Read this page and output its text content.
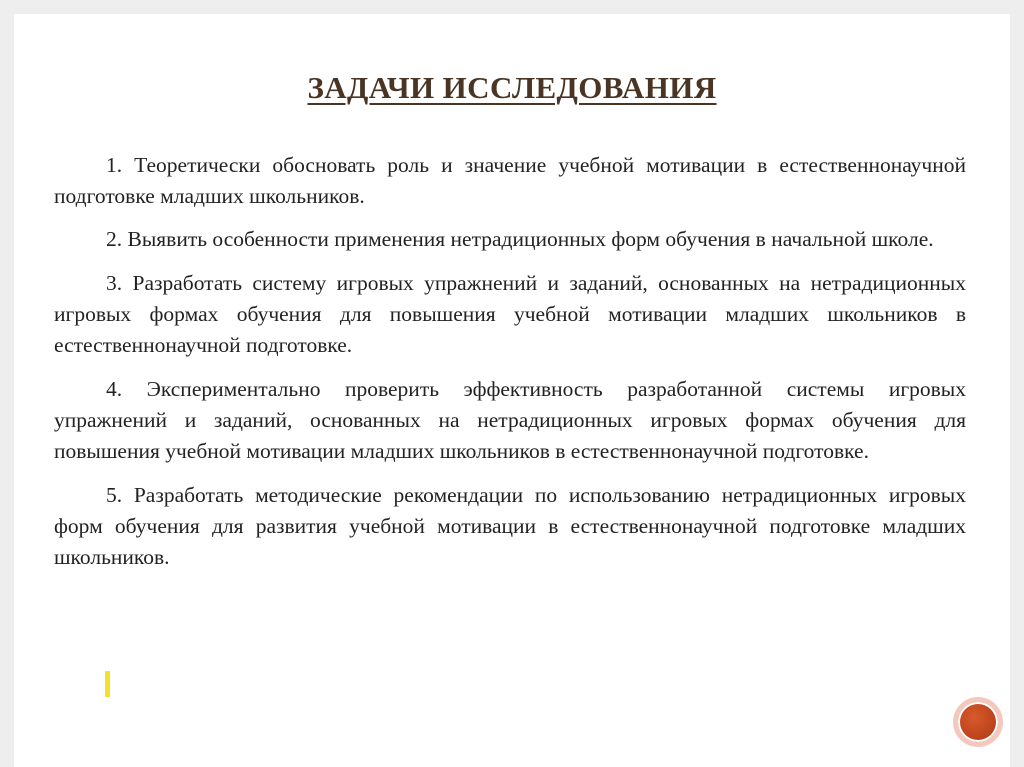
ЗАДАЧИ ИССЛЕДОВАНИЯ
1. Теоретически обосновать роль и значение учебной мотивации в естественнонаучной подготовке младших школьников.
2. Выявить особенности применения нетрадиционных форм обучения в начальной школе.
3. Разработать систему игровых упражнений и заданий, основанных на нетрадиционных игровых формах обучения для повышения учебной мотивации младших школьников в естественнонаучной подготовке.
4. Экспериментально проверить эффективность разработанной системы игровых упражнений и заданий, основанных на нетрадиционных игровых формах обучения для повышения учебной мотивации младших школьников в естественнонаучной подготовке.
5. Разработать методические рекомендации по использованию нетрадиционных игровых форм обучения для развития учебной мотивации в естественнонаучной подготовке младших школьников.
